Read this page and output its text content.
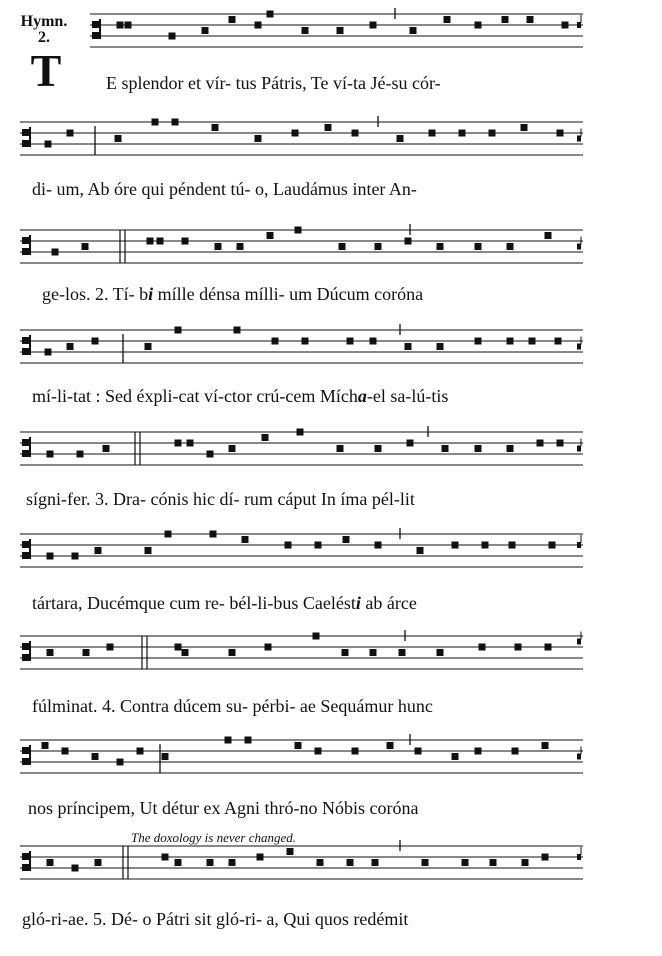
Hymn.
2.
T
The doxology is never changed.
E splendor et vír- tus Pátris, Te ví-ta Jé-su cór-
di- um, Ab óre qui péndent tú- o, Laudámus inter An-
ge-los. 2. Tí- bi mílle dénsa mílli- um Dúcum coróna
mí-li-tat : Sed éxpli-cat ví-ctor crú-cem Mícha-el sa-lú-tis
sígni-fer. 3. Dra- cónis hic dí- rum cáput In íma pél-lit
tártara, Ducémque cum re- bél-li-bus Caelésti ab árce
fúlminat. 4. Contra dúcem su- pérbi- ae Sequámur hunc
nos príncipem, Ut détur ex Agni thró-no Nóbis coróna
gló-ri-ae. 5. Dé- o Pátri sit gló-ri- a, Qui quos redémit
